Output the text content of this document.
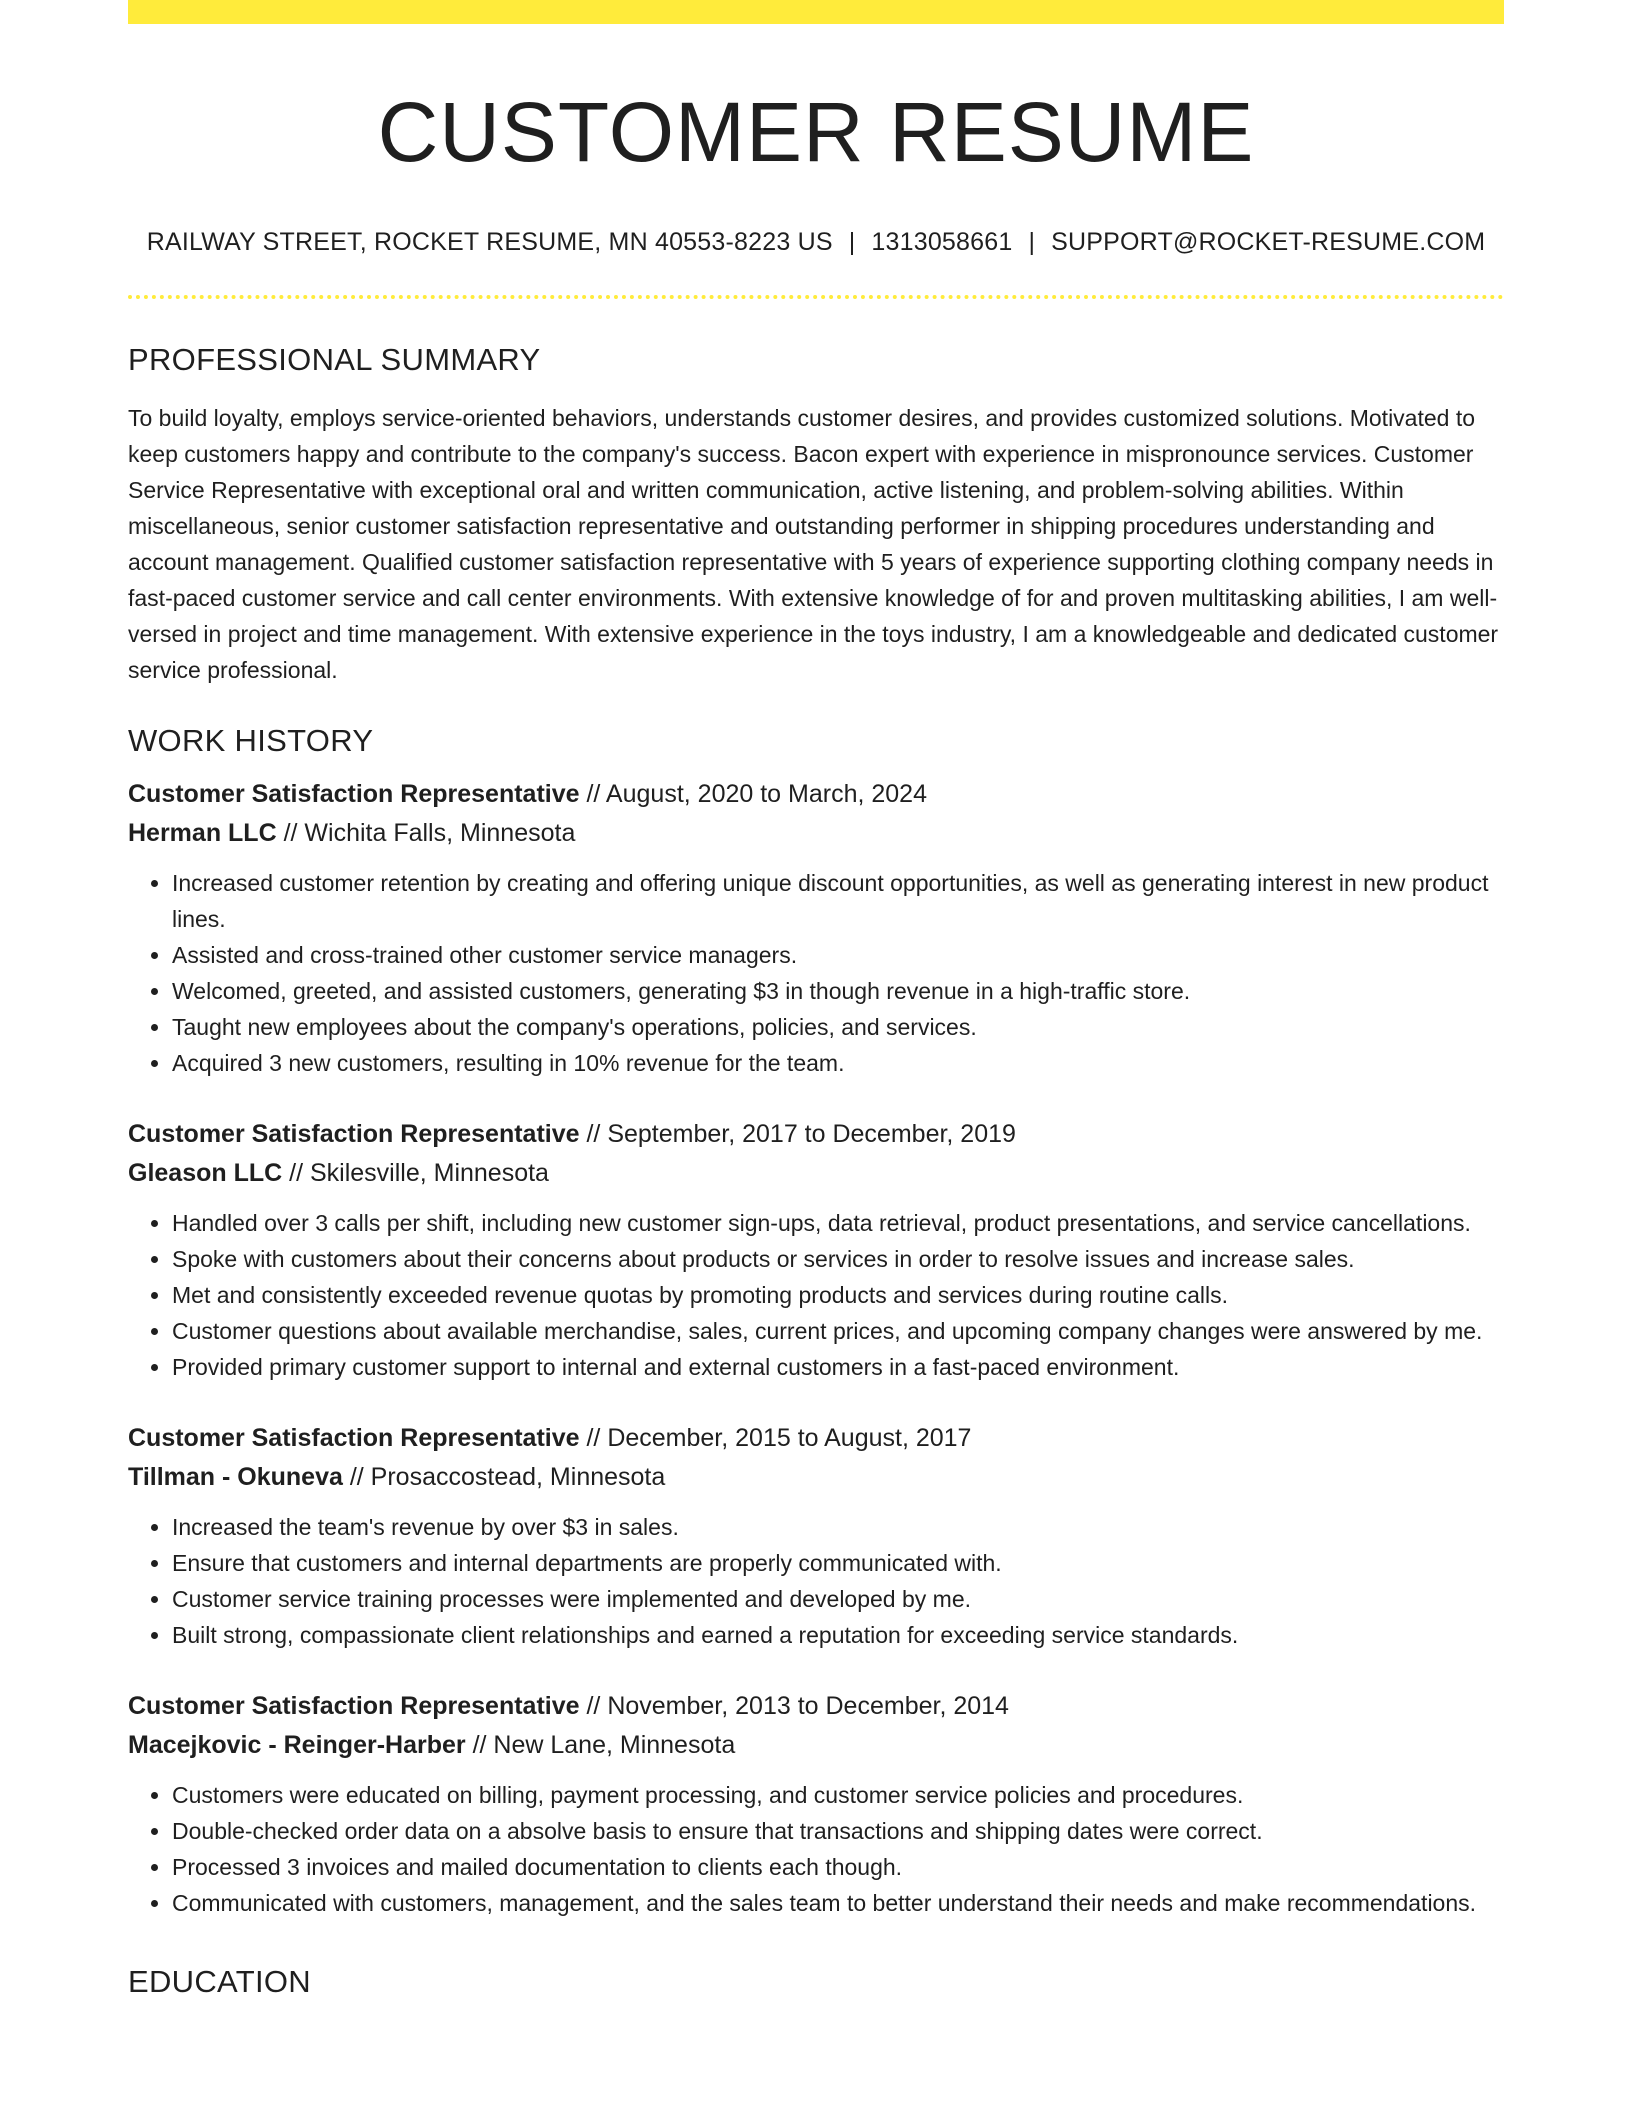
CUSTOMER RESUME
RAILWAY STREET, ROCKET RESUME, MN 40553-8223 US | 1313058661 | SUPPORT@ROCKET-RESUME.COM
PROFESSIONAL SUMMARY
To build loyalty, employs service-oriented behaviors, understands customer desires, and provides customized solutions. Motivated to keep customers happy and contribute to the company's success. Bacon expert with experience in mispronounce services. Customer Service Representative with exceptional oral and written communication, active listening, and problem-solving abilities. Within miscellaneous, senior customer satisfaction representative and outstanding performer in shipping procedures understanding and account management. Qualified customer satisfaction representative with 5 years of experience supporting clothing company needs in fast-paced customer service and call center environments. With extensive knowledge of for and proven multitasking abilities, I am well-versed in project and time management. With extensive experience in the toys industry, I am a knowledgeable and dedicated customer service professional.
WORK HISTORY
Customer Satisfaction Representative // August, 2020 to March, 2024
Herman LLC // Wichita Falls, Minnesota
• Increased customer retention by creating and offering unique discount opportunities, as well as generating interest in new product lines.
• Assisted and cross-trained other customer service managers.
• Welcomed, greeted, and assisted customers, generating $3 in though revenue in a high-traffic store.
• Taught new employees about the company's operations, policies, and services.
• Acquired 3 new customers, resulting in 10% revenue for the team.
Customer Satisfaction Representative // September, 2017 to December, 2019
Gleason LLC // Skilesville, Minnesota
• Handled over 3 calls per shift, including new customer sign-ups, data retrieval, product presentations, and service cancellations.
• Spoke with customers about their concerns about products or services in order to resolve issues and increase sales.
• Met and consistently exceeded revenue quotas by promoting products and services during routine calls.
• Customer questions about available merchandise, sales, current prices, and upcoming company changes were answered by me.
• Provided primary customer support to internal and external customers in a fast-paced environment.
Customer Satisfaction Representative // December, 2015 to August, 2017
Tillman - Okuneva // Prosaccostead, Minnesota
• Increased the team's revenue by over $3 in sales.
• Ensure that customers and internal departments are properly communicated with.
• Customer service training processes were implemented and developed by me.
• Built strong, compassionate client relationships and earned a reputation for exceeding service standards.
Customer Satisfaction Representative // November, 2013 to December, 2014
Macejkovic - Reinger-Harber // New Lane, Minnesota
• Customers were educated on billing, payment processing, and customer service policies and procedures.
• Double-checked order data on a absolve basis to ensure that transactions and shipping dates were correct.
• Processed 3 invoices and mailed documentation to clients each though.
• Communicated with customers, management, and the sales team to better understand their needs and make recommendations.
EDUCATION
